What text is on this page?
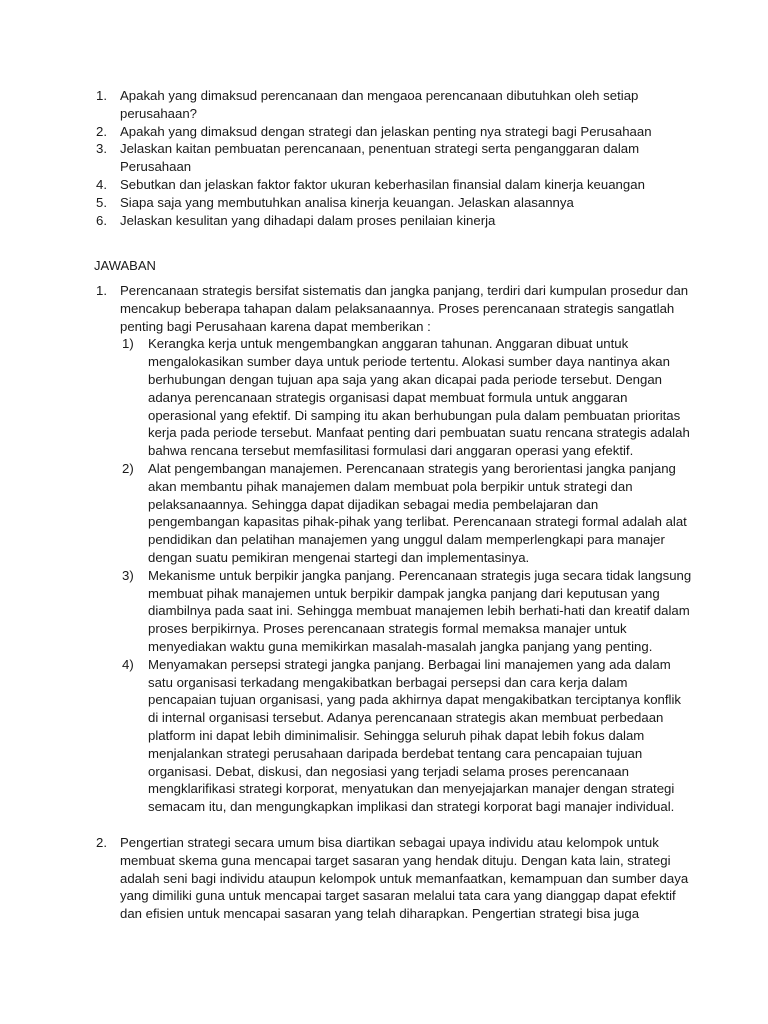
1. Apakah yang dimaksud perencanaan dan mengaoa perencanaan dibutuhkan oleh setiap perusahaan?
2. Apakah yang dimaksud dengan strategi dan jelaskan penting nya strategi bagi Perusahaan
3. Jelaskan kaitan pembuatan perencanaan, penentuan strategi serta penganggaran dalam Perusahaan
4. Sebutkan dan jelaskan faktor faktor ukuran keberhasilan finansial dalam kinerja keuangan
5. Siapa saja yang membutuhkan analisa kinerja keuangan. Jelaskan alasannya
6. Jelaskan kesulitan yang dihadapi dalam proses penilaian kinerja
JAWABAN
1. Perencanaan strategis bersifat sistematis dan jangka panjang, terdiri dari kumpulan prosedur dan mencakup beberapa tahapan dalam pelaksanaannya. Proses perencanaan strategis sangatlah penting bagi Perusahaan karena dapat memberikan :
1) Kerangka kerja untuk mengembangkan anggaran tahunan. Anggaran dibuat untuk mengalokasikan sumber daya untuk periode tertentu. Alokasi sumber daya nantinya akan berhubungan dengan tujuan apa saja yang akan dicapai pada periode tersebut. Dengan adanya perencanaan strategis organisasi dapat membuat formula untuk anggaran operasional yang efektif. Di samping itu akan berhubungan pula dalam pembuatan prioritas kerja pada periode tersebut. Manfaat penting dari pembuatan suatu rencana strategis adalah bahwa rencana tersebut memfasilitasi formulasi dari anggaran operasi yang efektif.
2) Alat pengembangan manajemen. Perencanaan strategis yang berorientasi jangka panjang akan membantu pihak manajemen dalam membuat pola berpikir untuk strategi dan pelaksanaannya. Sehingga dapat dijadikan sebagai media pembelajaran dan pengembangan kapasitas pihak-pihak yang terlibat. Perencanaan strategi formal adalah alat pendidikan dan pelatihan manajemen yang unggul dalam memperlengkapi para manajer dengan suatu pemikiran mengenai startegi dan implementasinya.
3) Mekanisme untuk berpikir jangka panjang. Perencanaan strategis juga secara tidak langsung membuat pihak manajemen untuk berpikir dampak jangka panjang dari keputusan yang diambilnya pada saat ini. Sehingga membuat manajemen lebih berhati-hati dan kreatif dalam proses berpikirnya. Proses perencanaan strategis formal memaksa manajer untuk menyediakan waktu guna memikirkan masalah-masalah jangka panjang yang penting.
4) Menyamakan persepsi strategi jangka panjang. Berbagai lini manajemen yang ada dalam satu organisasi terkadang mengakibatkan berbagai persepsi dan cara kerja dalam pencapaian tujuan organisasi, yang pada akhirnya dapat mengakibatkan terciptanya konflik di internal organisasi tersebut. Adanya perencanaan strategis akan membuat perbedaan platform ini dapat lebih diminimalisir. Sehingga seluruh pihak dapat lebih fokus dalam menjalankan strategi perusahaan daripada berdebat tentang cara pencapaian tujuan organisasi. Debat, diskusi, dan negosiasi yang terjadi selama proses perencanaan mengklarifikasi strategi korporat, menyatukan dan menyejajarkan manajer dengan strategi semacam itu, dan mengungkapkan implikasi dan strategi korporat bagi manajer individual.
2. Pengertian strategi secara umum bisa diartikan sebagai upaya individu atau kelompok untuk membuat skema guna mencapai target sasaran yang hendak dituju. Dengan kata lain, strategi adalah seni bagi individu ataupun kelompok untuk memanfaatkan, kemampuan dan sumber daya yang dimiliki guna untuk mencapai target sasaran melalui tata cara yang dianggap dapat efektif dan efisien untuk mencapai sasaran yang telah diharapkan. Pengertian strategi bisa juga
